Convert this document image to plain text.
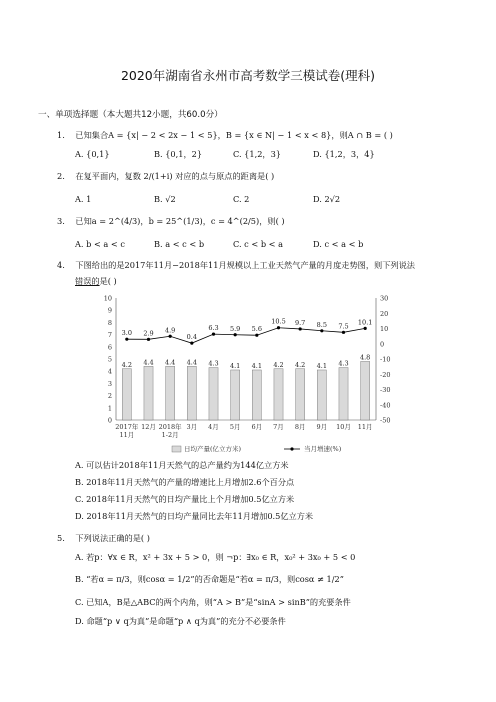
2020年湖南省永州市高考数学三模试卷(理科)
一、单项选择题（本大题共12小题，共60.0分）
1. 已知集合A = {x| − 2 < 2x − 1 < 5}，B = {x ∈ N| − 1 < x < 8}，则A ∩ B = ( )
A. {0,1}	B. {0,1，2}	C. {1,2，3}	D. {1,2，3，4}
2. 在复平面内，复数 2/(1+i) 对应的点与原点的距离是( )
A. 1	B. √2	C. 2	D. 2√2
3. 已知a = 2^(4/3)，b = 25^(1/3)，c = 4^(2/5)，则( )
A. b < a < c	B. a < c < b	C. c < b < a	D. c < a < b
4. 下图给出的是2017年11月−2018年11月规模以上工业天然气产量的月度走势图，则下列说法
错误的是( )
0
1
2
3
4
5
6
7
8
9
10
-50
-40
-30
-20
-10
0
10
20
30
4.2 4.4 4.4 4.4 4.3 4.1 4.1 4.2 4.2 4.1 4.3
4.8
3.0 2.9 4.9
0.4
6.3 5.9 5.6
10.5 9.7 8.5 7.5 10.1
2017年
11月
12月 2018年
1-2月
3月 4月 5月 6月 7月 8月 9月 10月 11月
日均产量(亿立方米)	当月增速(%)
A. 可以估计2018年11月天然气的总产量约为144亿立方米
B. 2018年11月天然气的产量的增速比上月增加2.6个百分点
C. 2018年11月天然气的日均产量比上个月增加0.5亿立方米
D. 2018年11月天然气的日均产量同比去年11月增加0.5亿立方米
5. 下列说法正确的是( )
A. 若p：∀x ∈ R，x² + 3x + 5 > 0，则 ¬p：∃x₀ ∈ R，x₀² + 3x₀ + 5 < 0
B. “若α = π/3，则cosα = 1/2”的否命题是“若α = π/3，则cosα ≠ 1/2”
C. 已知A，B是△ABC的两个内角，则“A > B”是“sinA > sinB”的充要条件
D. 命题“p ∨ q为真”是命题“p ∧ q为真”的充分不必要条件
